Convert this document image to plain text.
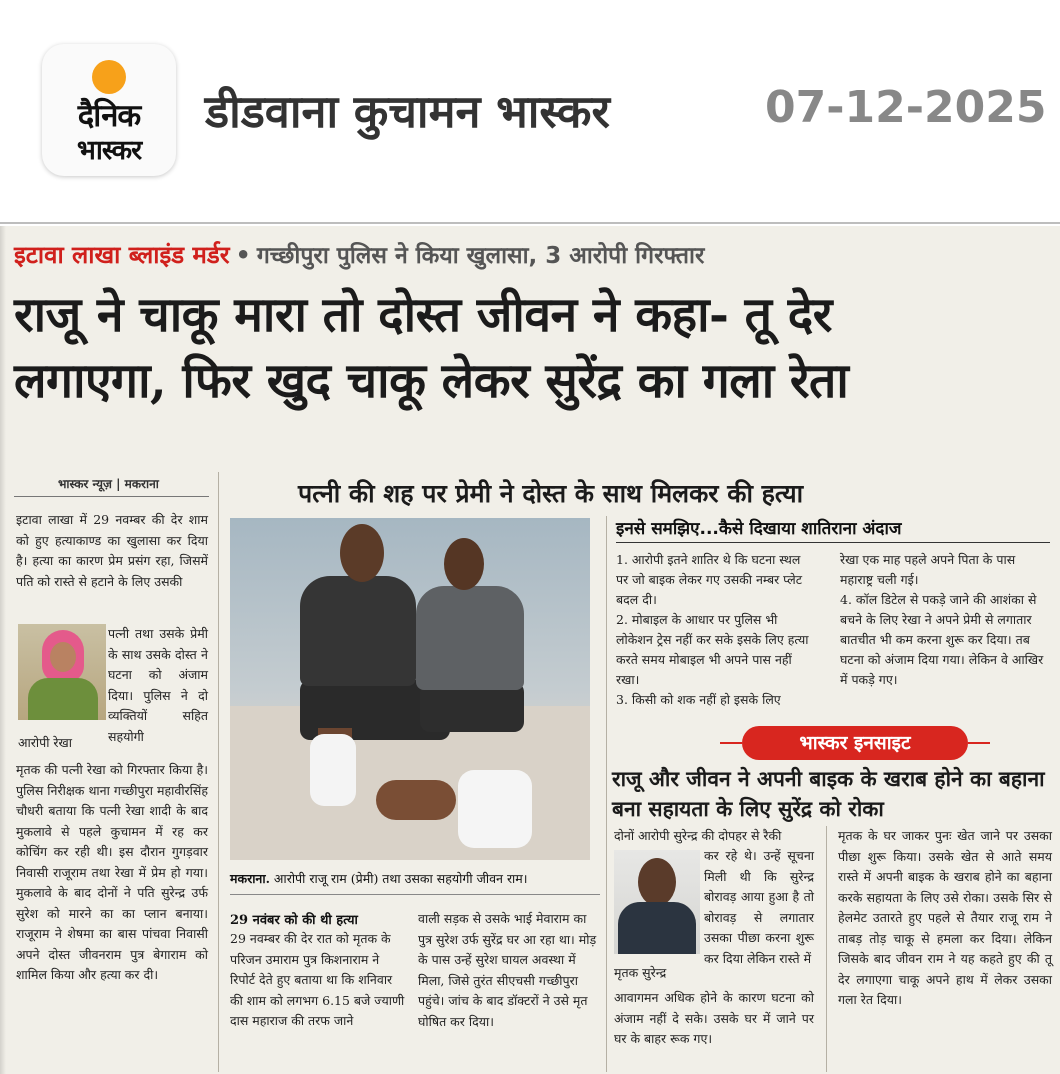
दैनिक
भास्कर
डीडवाना कुचामन भास्कर	07-12-2025
इटावा लाखा ब्लाइंड मर्डर • गच्छीपुरा पुलिस ने किया खुलासा, 3 आरोपी गिरफ्तार
राजू ने चाकू मारा तो दोस्त जीवन ने कहा- तू देर
लगाएगा, फिर खुद चाकू लेकर सुरेंद्र का गला रेता
भास्कर न्यूज़ | मकराना
इटावा लाखा में 29 नवम्बर की देर शाम को हुए हत्याकाण्ड का खुलासा कर दिया है। हत्या का कारण प्रेम प्रसंग रहा, जिसमें पति को रास्ते से हटाने के लिए उसकी
पत्नी तथा उसके प्रेमी के साथ उसके दोस्त ने घटना को अंजाम दिया। पुलिस ने दो व्यक्तियों सहित सहयोगी
आरोपी रेखा
मृतक की पत्नी रेखा को गिरफ्तार किया है।पुलिस निरीक्षक थाना गच्छीपुरा महावीरसिंह चौधरी बताया कि पत्नी रेखा शादी के बाद मुकलावे से पहले कुचामन में रह कर कोचिंग कर रही थी। इस दौरान गुगड़वार निवासी राजूराम तथा रेखा में प्रेम हो गया। मुकलावे के बाद दोनों ने पति सुरेन्द्र उर्फ सुरेश को मारने का का प्लान बनाया। राजूराम ने शेषमा का बास पांचवा निवासी अपने दोस्त जीवनराम पुत्र बेगाराम को शामिल किया और हत्या कर दी।
पत्नी की शह पर प्रेमी ने दोस्त के साथ मिलकर की हत्या
मकराना. आरोपी राजू राम (प्रेमी) तथा उसका सहयोगी जीवन राम।
29 नवंबर को की थी हत्या
29 नवम्बर की देर रात को मृतक के परिजन उमाराम पुत्र किशनाराम ने रिपोर्ट देते हुए बताया था कि शनिवार की शाम को लगभग 6.15 बजे ज्याणी दास महाराज की तरफ जाने
वाली सड़क से उसके भाई मेवाराम का पुत्र सुरेश उर्फ सुरेंद्र घर आ रहा था। मोड़ के पास उन्हें सुरेश घायल अवस्था में मिला, जिसे तुरंत सीएचसी गच्छीपुरा पहुंचे। जांच के बाद डॉक्टरों ने उसे मृत घोषित कर दिया।
इनसे समझिए...कैसे दिखाया शातिराना अंदाज
1. आरोपी इतने शातिर थे कि घटना स्थल पर जो बाइक लेकर गए उसकी नम्बर प्लेट बदल दी।
2. मोबाइल के आधार पर पुलिस भी लोकेशन ट्रेस नहीं कर सके इसके लिए हत्या करते समय मोबाइल भी अपने पास नहीं रखा।
3. किसी को शक नहीं हो इसके लिए
रेखा एक माह पहले अपने पिता के पास महाराष्ट्र चली गई।
4. कॉल डिटेल से पकड़े जाने की आशंका से बचने के लिए रेखा ने अपने प्रेमी से लगातार बातचीत भी कम करना शुरू कर दिया। तब घटना को अंजाम दिया गया। लेकिन वे आखिर में पकड़े गए।
भास्कर इनसाइट
राजू और जीवन ने अपनी बाइक के खराब होने का बहाना बना सहायता के लिए सुरेंद्र को रोका
दोनों आरोपी सुरेन्द्र की दोपहर से रैकी
कर रहे थे। उन्हें सूचना मिली थी कि सुरेन्द्र बोरावड़ आया हुआ है तो बोरावड़ से लगातार उसका पीछा करना शुरू कर दिया लेकिन रास्ते में
मृतक सुरेन्द्र
आवागमन अधिक होने के कारण घटना को अंजाम नहीं दे सके। उसके घर में जाने पर घर के बाहर रूक गए।
मृतक के घर जाकर पुनः खेत जाने पर उसका पीछा शुरू किया। उसके खेत से आते समय रास्ते में अपनी बाइक के खराब होने का बहाना करके सहायता के लिए उसे रोका। उसके सिर से हेलमेट उतारते हुए पहले से तैयार राजू राम ने ताबड़ तोड़ चाकू से हमला कर दिया। लेकिन जिसके बाद जीवन राम ने यह कहते हुए की तू देर लगाएगा चाकू अपने हाथ में लेकर उसका गला रेत दिया।
